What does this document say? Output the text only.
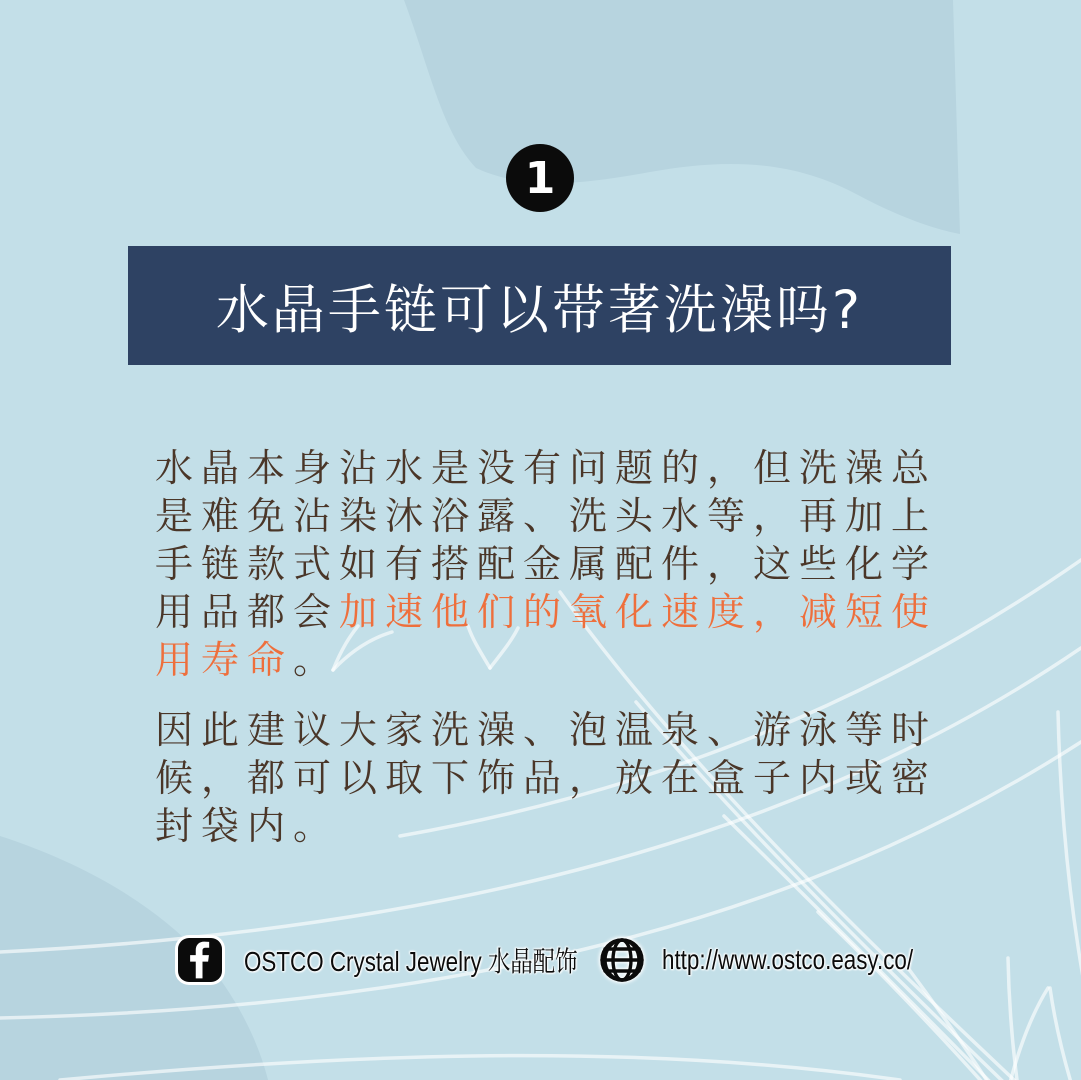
1
水晶手链可以带著洗澡吗?

水晶本身沾水是没有问题的，但洗澡总是难免沾染沐浴露、洗头水等，再加上手链款式如有搭配金属配件，这些化学用品都会加速他们的氧化速度，减短使用寿命。

因此建议大家洗澡、泡温泉、游泳等时候，都可以取下饰品，放在盒子内或密封袋内。

OSTCO Crystal Jewelry 水晶配饰	http://www.ostco.easy.co/
